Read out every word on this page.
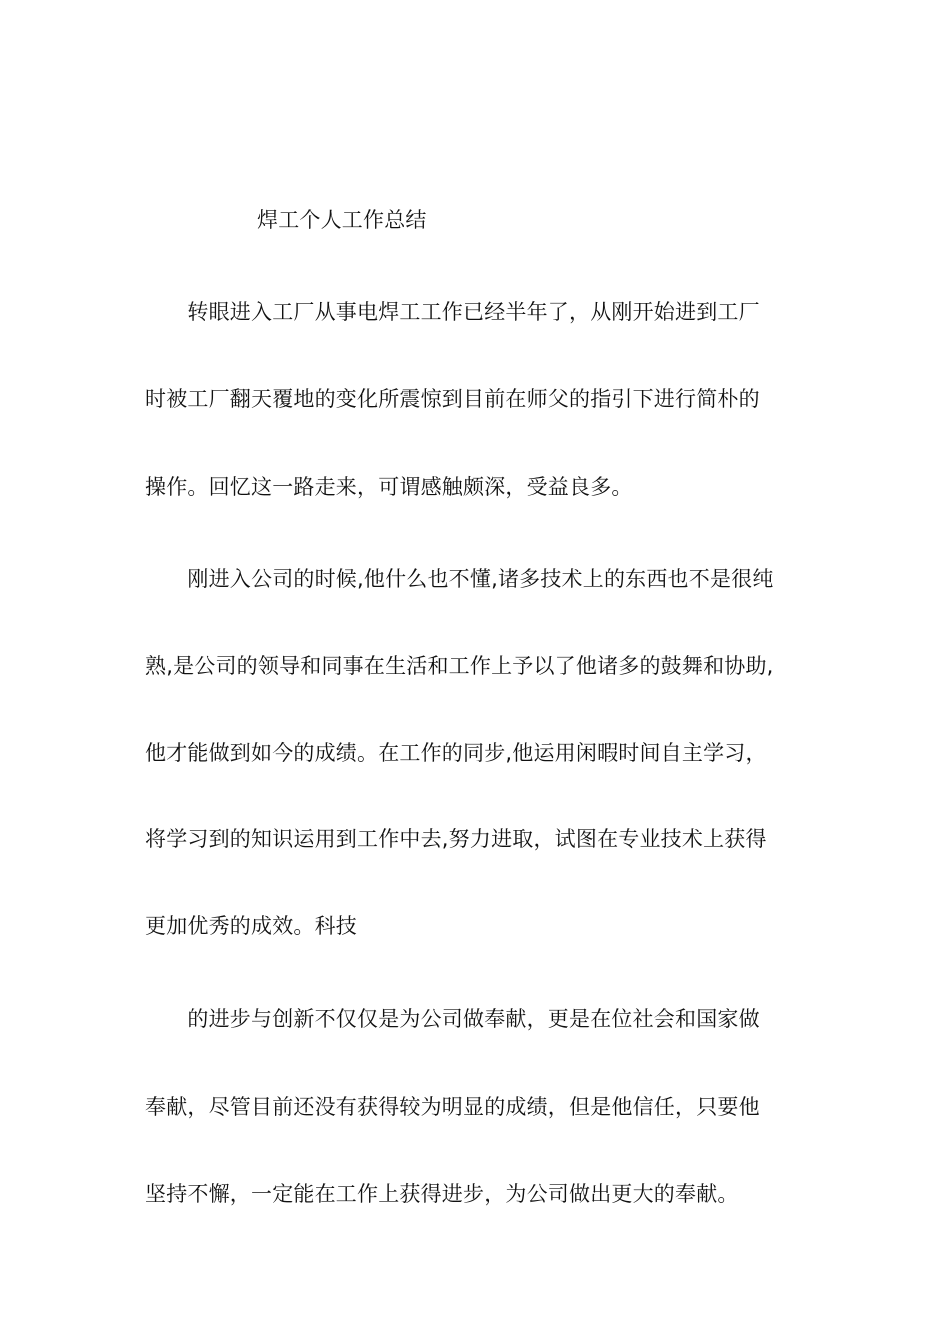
焊工个人工作总结
　　转眼进入工厂从事电焊工工作已经半年了，从刚开始进到工厂
时被工厂翻天覆地的变化所震惊到目前在师父的指引下进行简朴的
操作。回忆这一路走来，可谓感触颇深，受益良多。
　　刚进入公司的时候,他什么也不懂,诸多技术上的东西也不是很纯
熟,是公司的领导和同事在生活和工作上予以了他诸多的鼓舞和协助,
他才能做到如今的成绩。在工作的同步,他运用闲暇时间自主学习，
将学习到的知识运用到工作中去,努力进取，试图在专业技术上获得
更加优秀的成效。科技
　　的进步与创新不仅仅是为公司做奉献，更是在位社会和国家做
奉献，尽管目前还没有获得较为明显的成绩，但是他信任，只要他
坚持不懈，一定能在工作上获得进步，为公司做出更大的奉献。
